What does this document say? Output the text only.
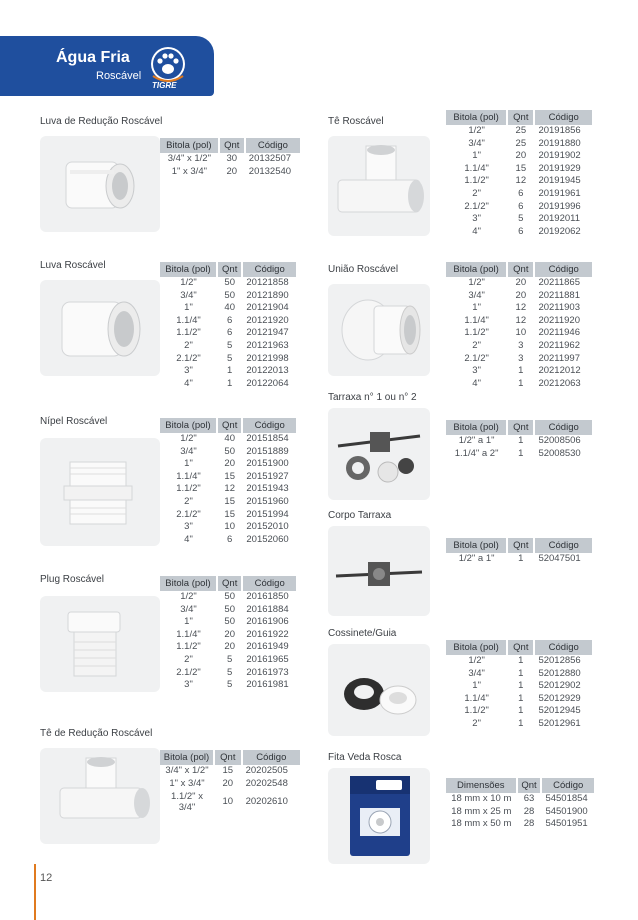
Água Fria
Roscável
TIGRE
Luva de Redução Roscável
Bitola (pol)	Qnt	Código
3/4" x 1/2"	30	20132507
1" x 3/4"	20	20132540
Luva Roscável	Bitola (pol)	Qnt	Código
1/2"	50	20121858
3/4"	50	20121890
1"	40	20121904
1.1/4"	6	20121920
1.1/2"	6	20121947
2"	5	20121963
2.1/2"	5	20121998
3"	1	20122013
4"	1	20122064
Nípel Roscável	Bitola (pol)	Qnt	Código
1/2"	40	20151854
3/4"	50	20151889
1"	20	20151900
1.1/4"	15	20151927
1.1/2"	12	20151943
2"	15	20151960
2.1/2"	15	20151994
3"	10	20152010
4"	6	20152060
Plug Roscável	Bitola (pol)	Qnt	Código
1/2"	50	20161850
3/4"	50	20161884
1"	50	20161906
1.1/4"	20	20161922
1.1/2"	20	20161949
2"	5	20161965
2.1/2"	5	20161973
3"	5	20161981
Tê de Redução Roscável
Bitola (pol)	Qnt	Código
3/4" x 1/2"	15	20202505
1" x 3/4"	20	20202548
1.1/2" x 3/4"	10	20202610
Tê Roscável	Bitola (pol)	Qnt	Código
1/2"	25	20191856
3/4"	25	20191880
1"	20	20191902
1.1/4"	15	20191929
1.1/2"	12	20191945
2"	6	20191961
2.1/2"	6	20191996
3"	5	20192011
4"	6	20192062
União Roscável	Bitola (pol)	Qnt	Código
1/2"	20	20211865
3/4"	20	20211881
1"	12	20211903
1.1/4"	12	20211920
1.1/2"	10	20211946
2"	3	20211962
2.1/2"	3	20211997
3"	1	20212012
4"	1	20212063
Tarraxa n° 1 ou n° 2
Bitola (pol)	Qnt	Código
1/2" a 1"	1	52008506
1.1/4" a 2"	1	52008530
Corpo Tarraxa
Bitola (pol)	Qnt	Código
1/2" a 1"	1	52047501
Cossinete/Guia
Bitola (pol)	Qnt	Código
1/2"	1	52012856
3/4"	1	52012880
1"	1	52012902
1.1/4"	1	52012929
1.1/2"	1	52012945
2"	1	52012961
Fita Veda Rosca
Dimensões	Qnt	Código
18 mm x 10 m	63	54501854
18 mm x 25 m	28	54501900
18 mm x 50 m	28	54501951
12
